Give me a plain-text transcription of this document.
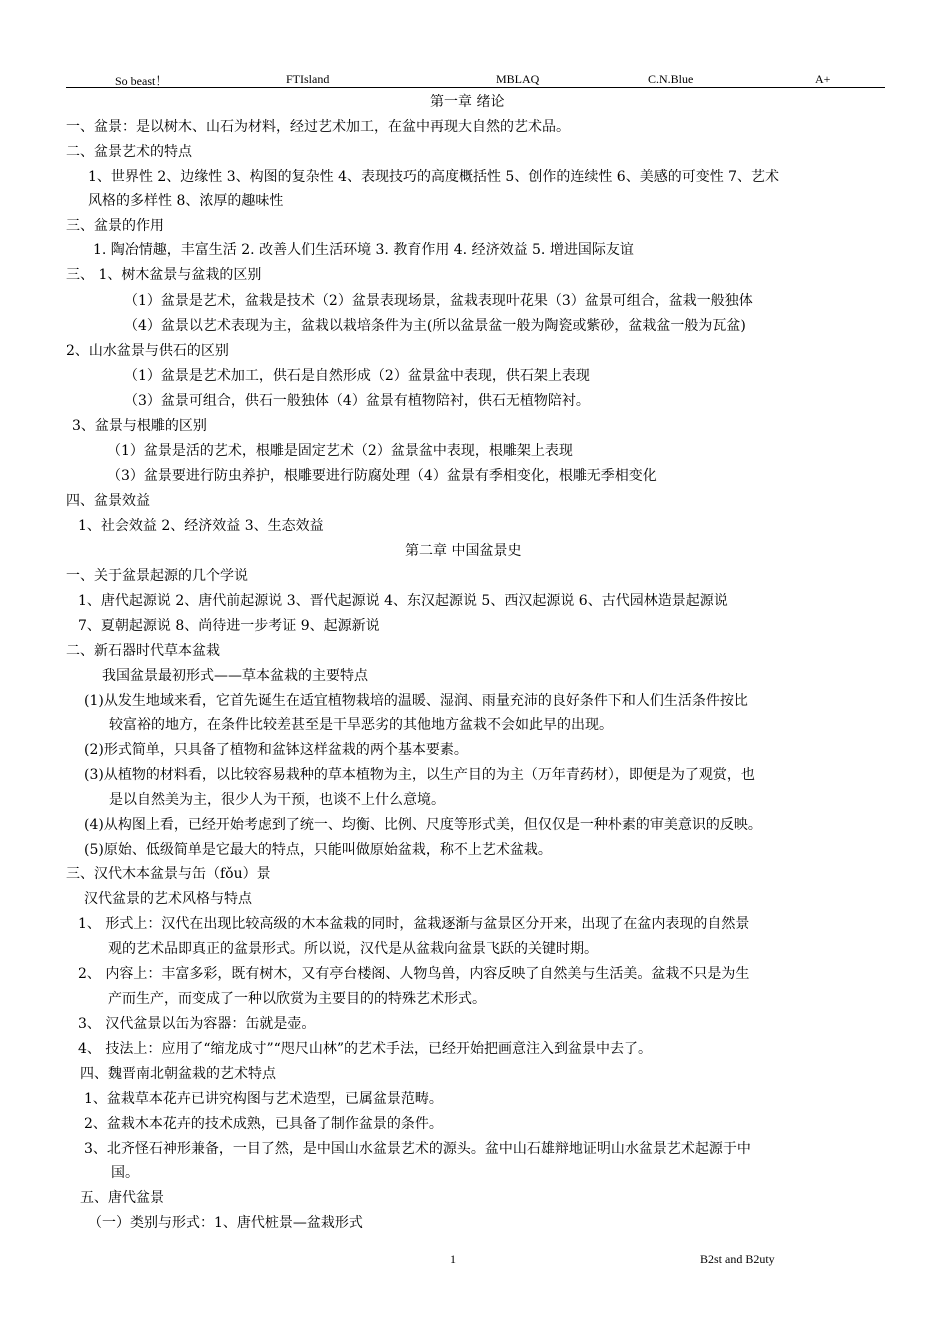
So beast！	FTIsland	MBLAQ	C.N.Blue	A+
第一章 绪论
一、盆景：是以树木、山石为材料，经过艺术加工，在盆中再现大自然的艺术品。
二、盆景艺术的特点
1、世界性 2、边缘性 3、构图的复杂性 4、表现技巧的高度概括性 5、创作的连续性 6、美感的可变性 7、艺术
风格的多样性 8、浓厚的趣味性
三、盆景的作用
1. 陶冶情趣，丰富生活 2. 改善人们生活环境 3. 教育作用 4. 经济效益 5. 增进国际友谊
三、 1、树木盆景与盆栽的区别
（1）盆景是艺术，盆栽是技术（2）盆景表现场景，盆栽表现叶花果（3）盆景可组合，盆栽一般独体
（4）盆景以艺术表现为主，盆栽以栽培条件为主(所以盆景盆一般为陶瓷或紫砂，盆栽盆一般为瓦盆)
2、山水盆景与供石的区别
（1）盆景是艺术加工，供石是自然形成（2）盆景盆中表现，供石架上表现
（3）盆景可组合，供石一般独体（4）盆景有植物陪衬，供石无植物陪衬。
3、盆景与根雕的区别
（1）盆景是活的艺术，根雕是固定艺术（2）盆景盆中表现，根雕架上表现
（3）盆景要进行防虫养护，根雕要进行防腐处理（4）盆景有季相变化，根雕无季相变化
四、盆景效益
1、社会效益 2、经济效益 3、生态效益
第二章 中国盆景史
一、关于盆景起源的几个学说
1、唐代起源说 2、唐代前起源说 3、晋代起源说 4、东汉起源说 5、西汉起源说 6、古代园林造景起源说
7、夏朝起源说 8、尚待进一步考证 9、起源新说
二、新石器时代草本盆栽
我国盆景最初形式——草本盆栽的主要特点
(1)从发生地域来看，它首先诞生在适宜植物栽培的温暖、湿润、雨量充沛的良好条件下和人们生活条件按比
较富裕的地方，在条件比较差甚至是干旱恶劣的其他地方盆栽不会如此早的出现。
(2)形式简单，只具备了植物和盆钵这样盆栽的两个基本要素。
(3)从植物的材料看，以比较容易栽种的草本植物为主，以生产目的为主（万年青药材），即便是为了观赏，也
是以自然美为主，很少人为干预，也谈不上什么意境。
(4)从构图上看，已经开始考虑到了统一、均衡、比例、尺度等形式美，但仅仅是一种朴素的审美意识的反映。
(5)原始、低级简单是它最大的特点，只能叫做原始盆栽，称不上艺术盆栽。
三、汉代木本盆景与缶（fǒu）景
汉代盆景的艺术风格与特点
1、 形式上：汉代在出现比较高级的木本盆栽的同时，盆栽逐渐与盆景区分开来，出现了在盆内表现的自然景
观的艺术品即真正的盆景形式。所以说，汉代是从盆栽向盆景飞跃的关键时期。
2、 内容上：丰富多彩，既有树木，又有亭台楼阁、人物鸟兽，内容反映了自然美与生活美。盆栽不只是为生
产而生产，而变成了一种以欣赏为主要目的的特殊艺术形式。
3、 汉代盆景以缶为容器：缶就是壶。
4、 技法上：应用了“缩龙成寸”“咫尺山林”的艺术手法，已经开始把画意注入到盆景中去了。
四、魏晋南北朝盆栽的艺术特点
1、盆栽草本花卉已讲究构图与艺术造型，已属盆景范畴。
2、盆栽木本花卉的技术成熟，已具备了制作盆景的条件。
3、北齐怪石神形兼备，一目了然，是中国山水盆景艺术的源头。盆中山石雄辩地证明山水盆景艺术起源于中
国。
五、唐代盆景
（一）类别与形式：1、唐代桩景—盆栽形式
1	B2st and B2uty
